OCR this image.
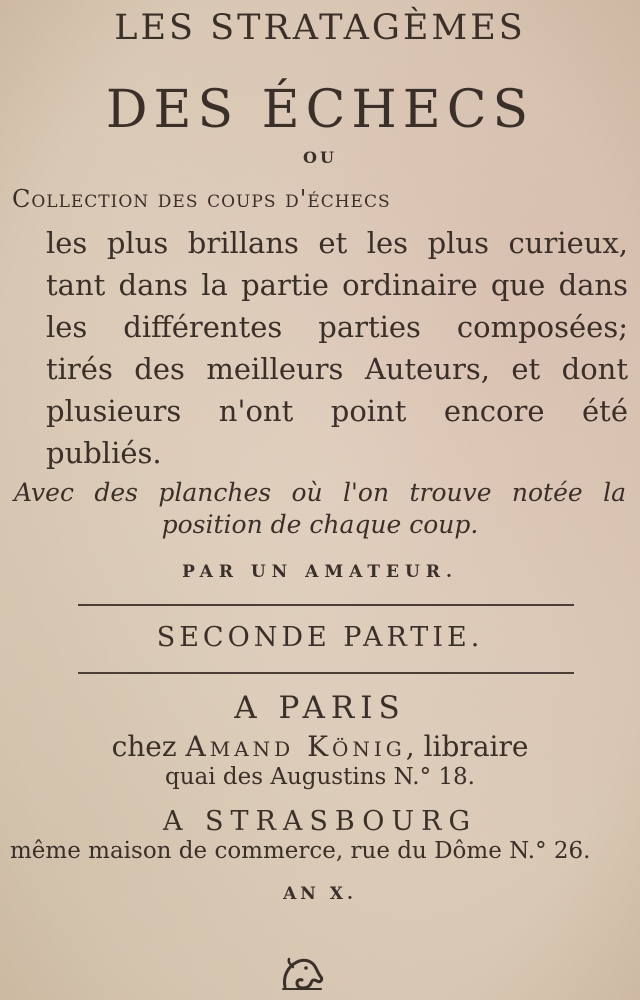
LES STRATAGÈMES
DES ÉCHECS
OU
Collection des coups d'échecs
les plus brillans et les plus curieux,
tant dans la partie ordinaire que dans
les différentes parties composées;
tirés des meilleurs Auteurs, et dont
plusieurs n'ont point encore été
publiés.
Avec des planches où l'on trouve notée la
position de chaque coup.
PAR UN AMATEUR.
SECONDE PARTIE.
A PARIS
chez Amand König, libraire
quai des Augustins N.° 18.
A STRASBOURG
même maison de commerce, rue du Dôme N.° 26.
AN X.
